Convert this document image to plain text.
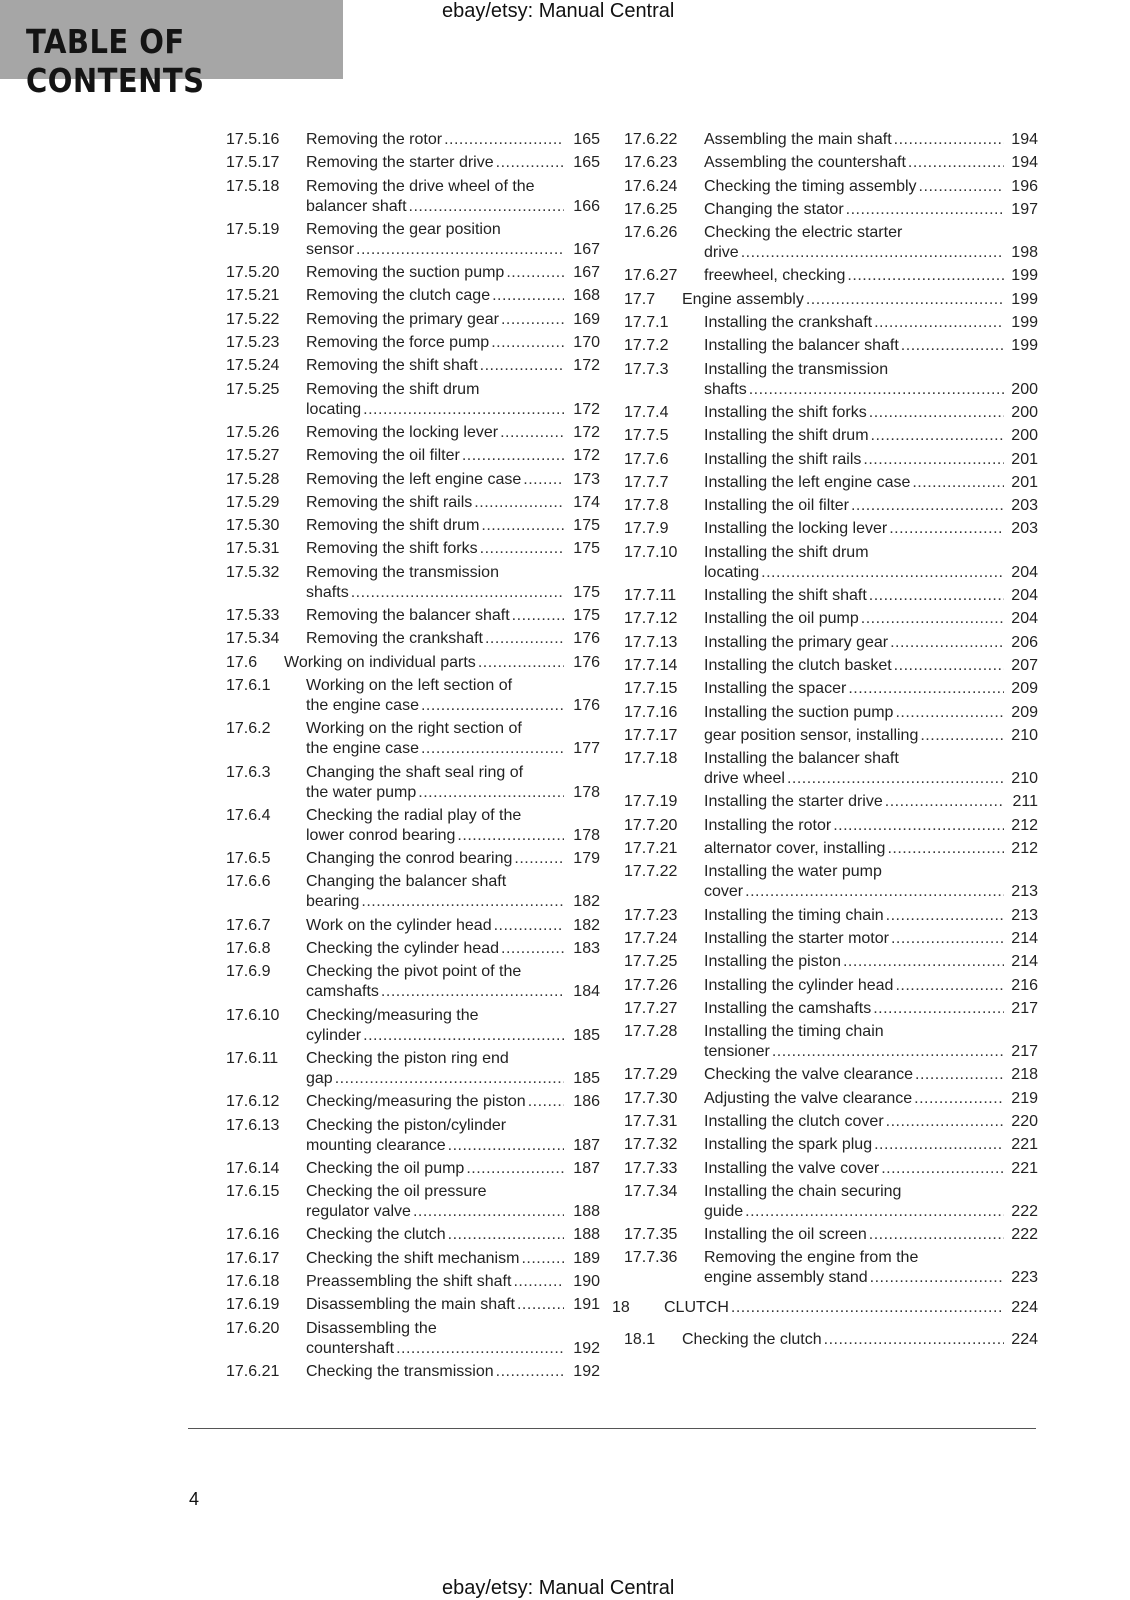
TABLE OF CONTENTS
ebay/etsy: Manual Central
17.5.16 Removing the rotor .....	165
17.5.17 Removing the starter drive .....	165
17.5.18 Removing the drive wheel of the
balancer shaft .....	166
17.5.19 Removing the gear position
sensor .....	167
17.5.20 Removing the suction pump .....	167
17.5.21 Removing the clutch cage .....	168
17.5.22 Removing the primary gear .....	169
17.5.23 Removing the force pump .....	170
17.5.24 Removing the shift shaft .....	172
17.5.25 Removing the shift drum
locating .....	172
17.5.26 Removing the locking lever .....	172
17.5.27 Removing the oil filter .....	172
17.5.28 Removing the left engine case .....	173
17.5.29 Removing the shift rails .....	174
17.5.30 Removing the shift drum .....	175
17.5.31 Removing the shift forks .....	175
17.5.32 Removing the transmission
shafts .....	175
17.5.33 Removing the balancer shaft .....	175
17.5.34 Removing the crankshaft .....	176
17.6 Working on individual parts .....	176
17.6.1 Working on the left section of
the engine case .....	176
17.6.2 Working on the right section of
the engine case .....	177
17.6.3 Changing the shaft seal ring of
the water pump .....	178
17.6.4 Checking the radial play of the
lower conrod bearing .....	178
17.6.5 Changing the conrod bearing .....	179
17.6.6 Changing the balancer shaft
bearing .....	182
17.6.7 Work on the cylinder head .....	182
17.6.8 Checking the cylinder head .....	183
17.6.9 Checking the pivot point of the
camshafts .....	184
17.6.10 Checking/measuring the
cylinder .....	185
17.6.11 Checking the piston ring end
gap .....	185
17.6.12 Checking/measuring the piston .....	186
17.6.13 Checking the piston/cylinder
mounting clearance .....	187
17.6.14 Checking the oil pump .....	187
17.6.15 Checking the oil pressure
regulator valve .....	188
17.6.16 Checking the clutch .....	188
17.6.17 Checking the shift mechanism .....	189
17.6.18 Preassembling the shift shaft .....	190
17.6.19 Disassembling the main shaft .....	191
17.6.20 Disassembling the
countershaft .....	192
17.6.21 Checking the transmission .....	192
17.6.22 Assembling the main shaft .....	194
17.6.23 Assembling the countershaft .....	194
17.6.24 Checking the timing assembly .....	196
17.6.25 Changing the stator .....	197
17.6.26 Checking the electric starter
drive .....	198
17.6.27 freewheel, checking .....	199
17.7 Engine assembly .....	199
17.7.1 Installing the crankshaft .....	199
17.7.2 Installing the balancer shaft .....	199
17.7.3 Installing the transmission
shafts .....	200
17.7.4 Installing the shift forks .....	200
17.7.5 Installing the shift drum .....	200
17.7.6 Installing the shift rails .....	201
17.7.7 Installing the left engine case .....	201
17.7.8 Installing the oil filter .....	203
17.7.9 Installing the locking lever .....	203
17.7.10 Installing the shift drum
locating .....	204
17.7.11 Installing the shift shaft .....	204
17.7.12 Installing the oil pump .....	204
17.7.13 Installing the primary gear .....	206
17.7.14 Installing the clutch basket .....	207
17.7.15 Installing the spacer .....	209
17.7.16 Installing the suction pump .....	209
17.7.17 gear position sensor, installing .....	210
17.7.18 Installing the balancer shaft
drive wheel .....	210
17.7.19 Installing the starter drive .....	211
17.7.20 Installing the rotor .....	212
17.7.21 alternator cover, installing .....	212
17.7.22 Installing the water pump
cover .....	213
17.7.23 Installing the timing chain .....	213
17.7.24 Installing the starter motor .....	214
17.7.25 Installing the piston .....	214
17.7.26 Installing the cylinder head .....	216
17.7.27 Installing the camshafts .....	217
17.7.28 Installing the timing chain
tensioner .....	217
17.7.29 Checking the valve clearance .....	218
17.7.30 Adjusting the valve clearance .....	219
17.7.31 Installing the clutch cover .....	220
17.7.32 Installing the spark plug .....	221
17.7.33 Installing the valve cover .....	221
17.7.34 Installing the chain securing
guide .....	222
17.7.35 Installing the oil screen .....	222
17.7.36 Removing the engine from the
engine assembly stand .....	223
18 CLUTCH .....	224
18.1 Checking the clutch .....	224
4
ebay/etsy: Manual Central
